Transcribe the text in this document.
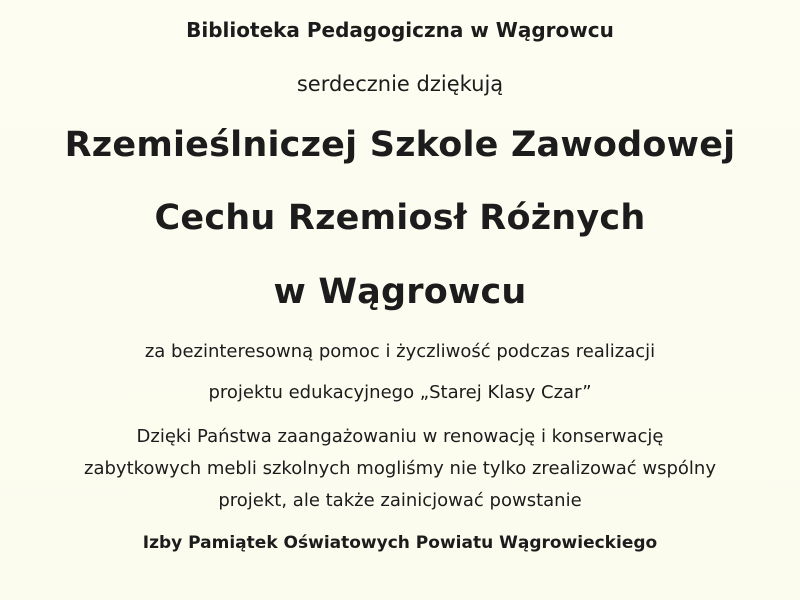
Biblioteka Pedagogiczna w Wągrowcu
serdecznie dziękują
Rzemieślniczej Szkole Zawodowej
Cechu Rzemiosł Różnych
w Wągrowcu
za bezinteresowną pomoc i życzliwość podczas realizacji
projektu edukacyjnego „Starej Klasy Czar”
Dzięki Państwa zaangażowaniu w renowację i konserwację
zabytkowych mebli szkolnych mogliśmy nie tylko zrealizować wspólny
projekt, ale także zainicjować powstanie
Izby Pamiątek Oświatowych Powiatu Wągrowieckiego
